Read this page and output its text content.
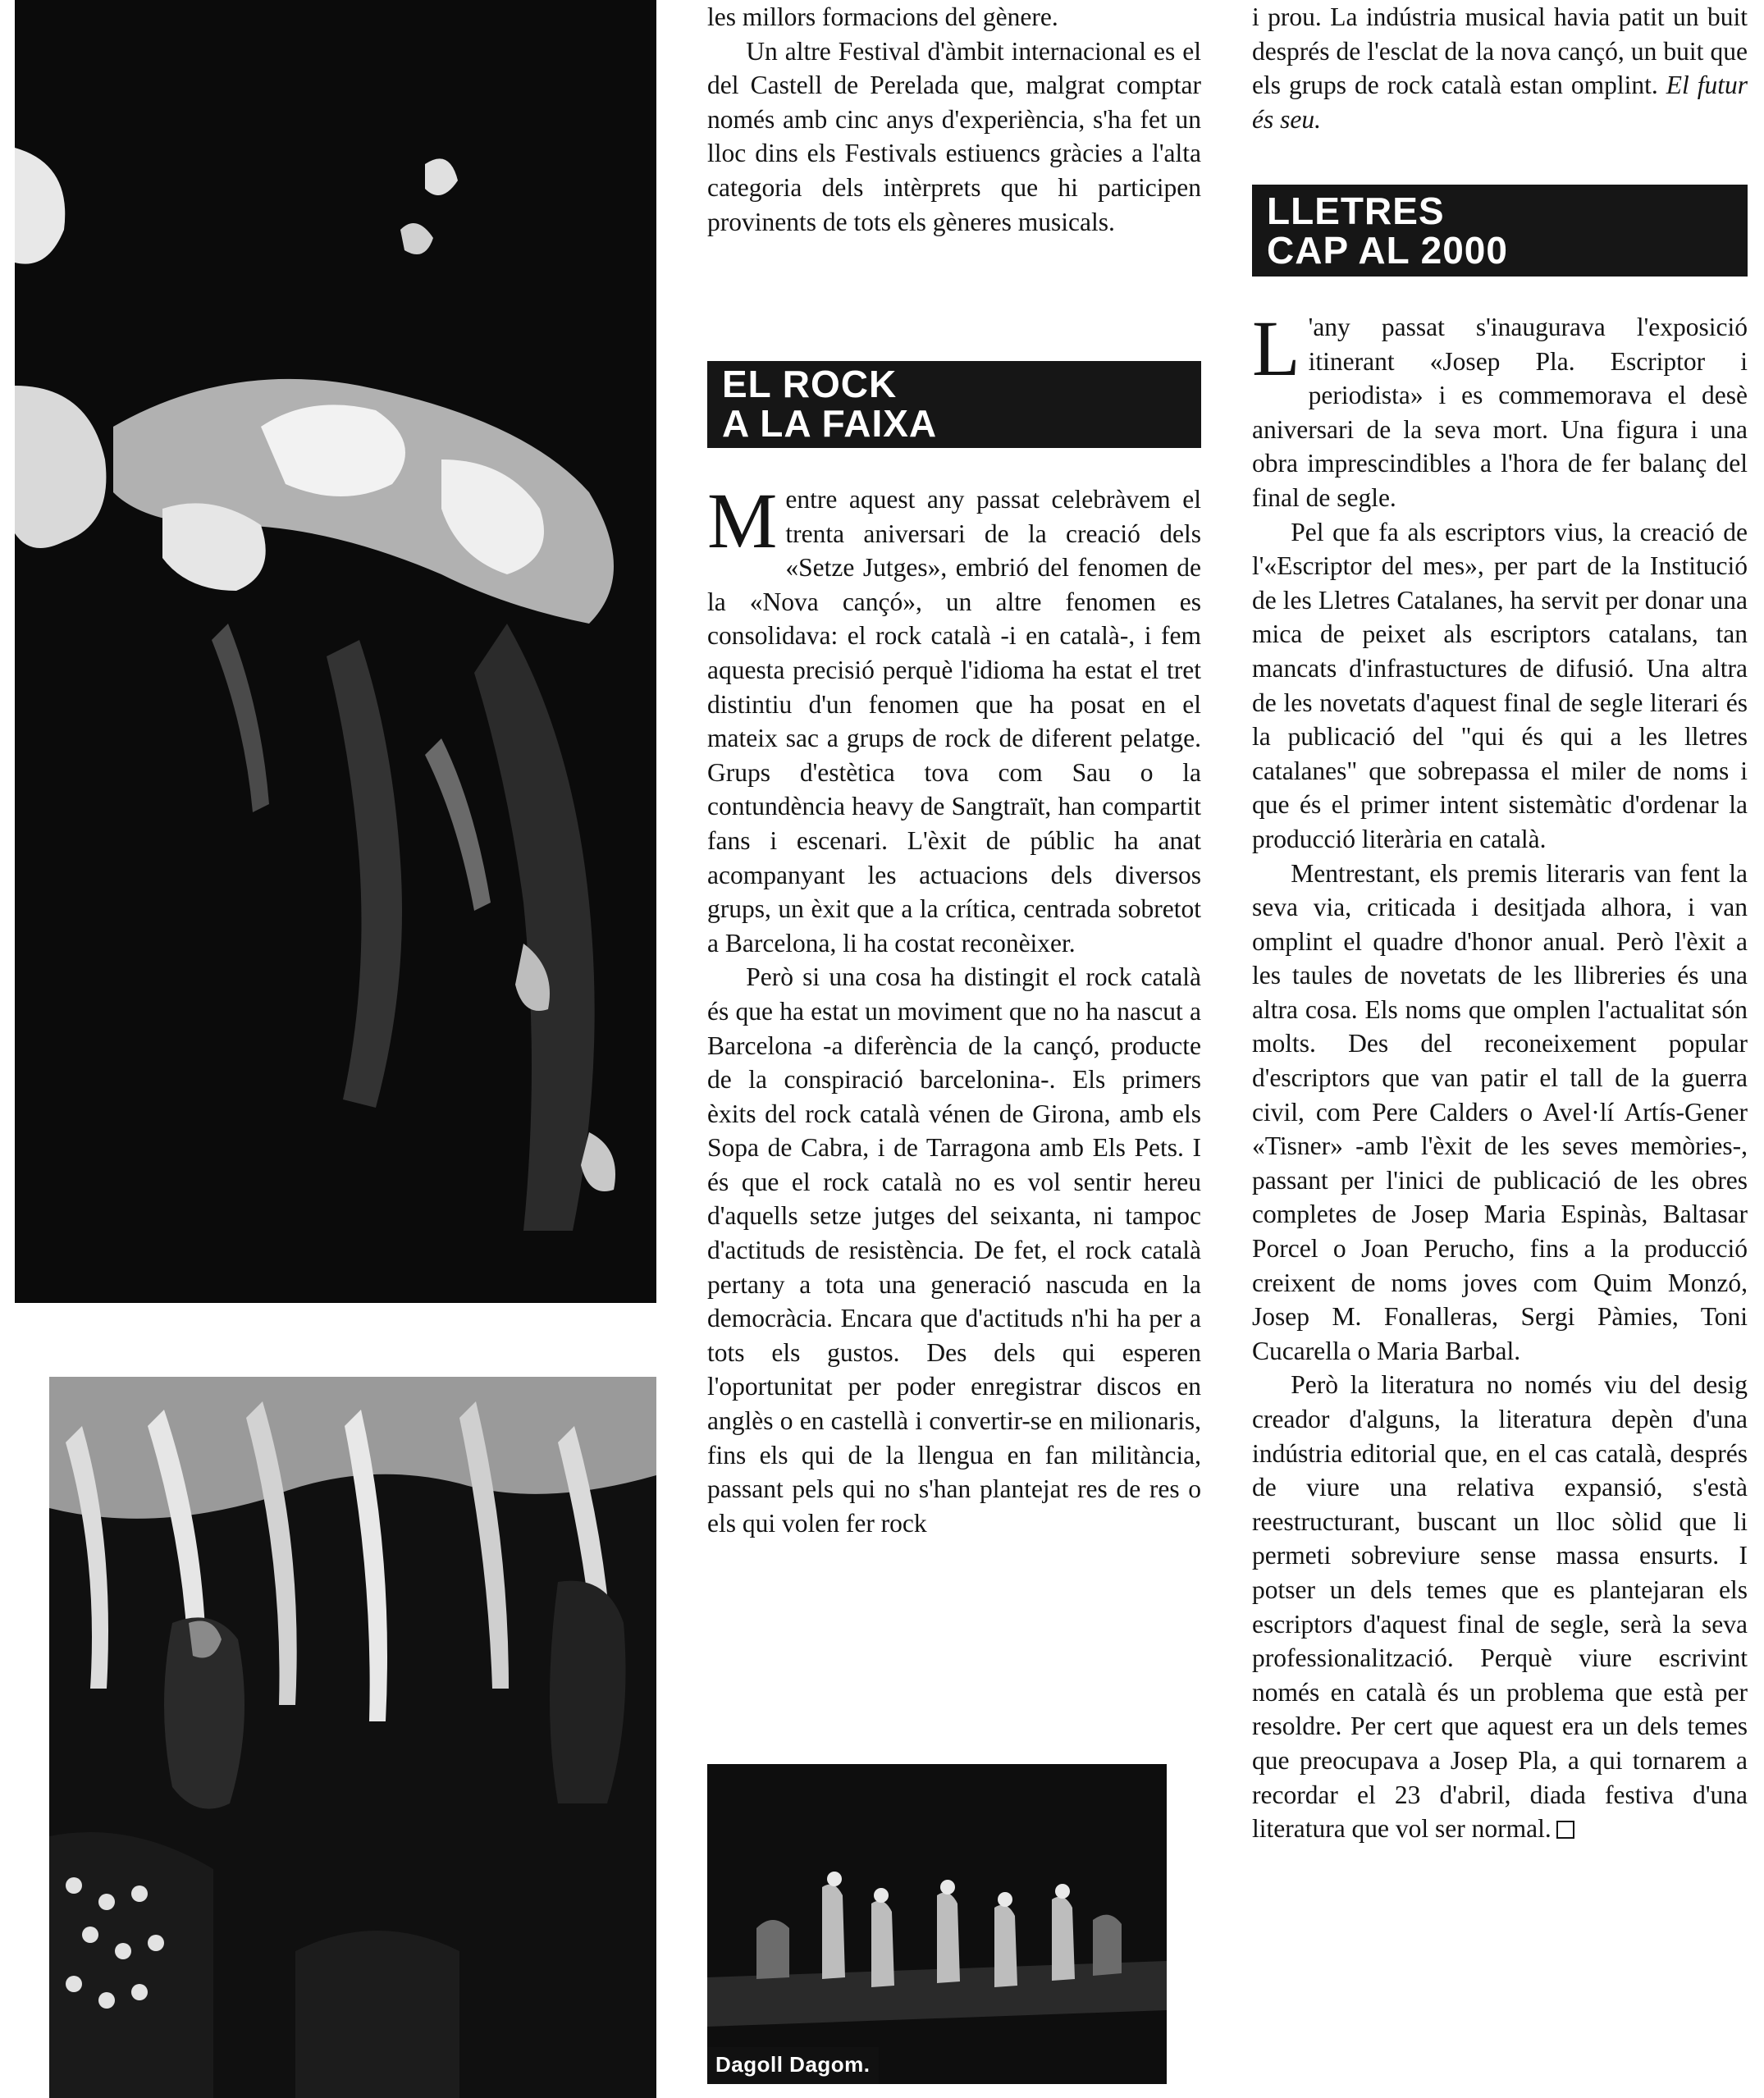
Dagoll Dagom.

les millors formacions del gènere.

Un altre Festival d'àmbit internacional es el del Castell de Perelada que, malgrat comptar només amb cinc anys d'experiència, s'ha fet un lloc dins els Festivals estiuencs gràcies a l'alta categoria dels intèrprets que hi participen provinents de tots els gèneres musicals.

EL ROCK
A LA FAIXA

Mentre aquest any passat celebràvem el trenta aniversari de la creació dels «Setze Jutges», embrió del fenomen de la «Nova cançó», un altre fenomen es consolidava: el rock català -i en català-, i fem aquesta precisió perquè l'idioma ha estat el tret distintiu d'un fenomen que ha posat en el mateix sac a grups de rock de diferent pelatge. Grups d'estètica tova com Sau o la contundència heavy de Sangtraït, han compartit fans i escenari. L'èxit de públic ha anat acompanyant les actuacions dels diversos grups, un èxit que a la crítica, centrada sobretot a Barcelona, li ha costat reconèixer.

Però si una cosa ha distingit el rock català és que ha estat un moviment que no ha nascut a Barcelona -a diferència de la cançó, producte de la conspiració barcelonina-. Els primers èxits del rock català vénen de Girona, amb els Sopa de Cabra, i de Tarragona amb Els Pets. I és que el rock català no es vol sentir hereu d'aquells setze jutges del seixanta, ni tampoc d'actituds de resistència. De fet, el rock català pertany a tota una generació nascuda en la democràcia. Encara que d'actituds n'hi ha per a tots els gustos. Des dels qui esperen l'oportunitat per poder enregistrar discos en anglès o en castellà i convertir-se en milionaris, fins els qui de la llengua en fan militància, passant pels qui no s'han plantejat res de res o els qui volen fer rock

i prou. La indústria musical havia patit un buit després de l'esclat de la nova cançó, un buit que els grups de rock català estan omplint. El futur és seu.

LLETRES
CAP AL 2000

L 'any passat s'inaugurava l'exposició itinerant «Josep Pla. Escriptor i periodista» i es commemorava el desè aniversari de la seva mort. Una figura i una obra imprescindibles a l'hora de fer balanç del final de segle.

Pel que fa als escriptors vius, la creació de l'«Escriptor del mes», per part de la Institució de les Lletres Catalanes, ha servit per donar una mica de peixet als escriptors catalans, tan mancats d'infrastuctures de difusió. Una altra de les novetats d'aquest final de segle literari és la publicació del "qui és qui a les lletres catalanes" que sobrepassa el miler de noms i que és el primer intent sistemàtic d'ordenar la producció literària en català.

Mentrestant, els premis literaris van fent la seva via, criticada i desitjada alhora, i van omplint el quadre d'honor anual. Però l'èxit a les taules de novetats de les llibreries és una altra cosa. Els noms que omplen l'actualitat són molts. Des del reconeixement popular d'escriptors que van patir el tall de la guerra civil, com Pere Calders o Avel·lí Artís-Gener «Tisner» -amb l'èxit de les seves memòries-, passant per l'inici de publicació de les obres completes de Josep Maria Espinàs, Baltasar Porcel o Joan Perucho, fins a la producció creixent de noms joves com Quim Monzó, Josep M. Fonalleras, Sergi Pàmies, Toni Cucarella o Maria Barbal.

Però la literatura no només viu del desig creador d'alguns, la literatura depèn d'una indústria editorial que, en el cas català, després de viure una relativa expansió, s'està reestructurant, buscant un lloc sòlid que li permeti sobreviure sense massa ensurts. I potser un dels temes que es plantejaran els escriptors d'aquest final de segle, serà la seva professionalització. Perquè viure escrivint només en català és un problema que està per resoldre. Per cert que aquest era un dels temes que preocupava a Josep Pla, a qui tornarem a recordar el 23 d'abril, diada festiva d'una literatura que vol ser normal.
